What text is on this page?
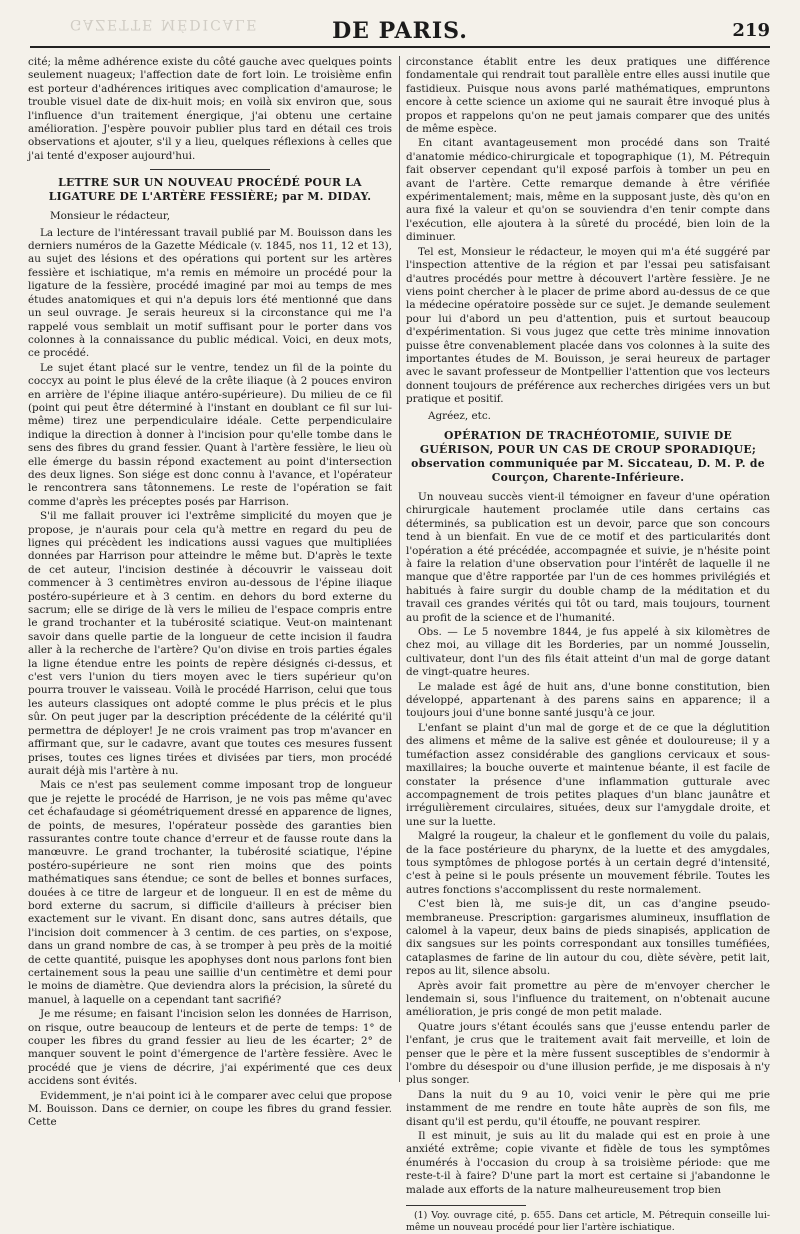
GAZETTE MÉDICALE	DE PARIS.	219

cité; la même adhérence existe du côté gauche avec quelques points seulement nuageux; l'affection date de fort loin. Le troisième enfin est porteur d'adhérences iritiques avec complication d'amaurose; le trouble visuel date de dix-huit mois; en voilà six environ que, sous l'influence d'un traitement énergique, j'ai obtenu une certaine amélioration. J'espère pouvoir publier plus tard en détail ces trois observations et ajouter, s'il y a lieu, quelques réflexions à celles que j'ai tenté d'exposer aujourd'hui.

LETTRE SUR UN NOUVEAU PROCÉDÉ POUR LA LIGATURE DE L'ARTÈRE FESSIÈRE; par M. DIDAY.

Monsieur le rédacteur,

La lecture de l'intéressant travail publié par M. Bouisson dans les derniers numéros de la Gazette Médicale (v. 1845, nos 11, 12 et 13), au sujet des lésions et des opérations qui portent sur les artères fessière et ischiatique, m'a remis en mémoire un procédé pour la ligature de la fessière, procédé imaginé par moi au temps de mes études anatomiques et qui n'a depuis lors été mentionné que dans un seul ouvrage. Je serais heureux si la circonstance qui me l'a rappelé vous semblait un motif suffisant pour le porter dans vos colonnes à la connaissance du public médical. Voici, en deux mots, ce procédé.

Le sujet étant placé sur le ventre, tendez un fil de la pointe du coccyx au point le plus élevé de la crête iliaque (à 2 pouces environ en arrière de l'épine iliaque antéro-supérieure). Du milieu de ce fil (point qui peut être déterminé à l'instant en doublant ce fil sur lui-même) tirez une perpendiculaire idéale. Cette perpendiculaire indique la direction à donner à l'incision pour qu'elle tombe dans le sens des fibres du grand fessier. Quant à l'artère fessière, le lieu où elle émerge du bassin répond exactement au point d'intersection des deux lignes. Son siége est donc connu à l'avance, et l'opérateur le rencontrera sans tâtonnemens. Le reste de l'opération se fait comme d'après les préceptes posés par Harrison.

S'il me fallait prouver ici l'extrême simplicité du moyen que je propose, je n'aurais pour cela qu'à mettre en regard du peu de lignes qui précèdent les indications aussi vagues que multipliées données par Harrison pour atteindre le même but. D'après le texte de cet auteur, l'incision destinée à découvrir le vaisseau doit commencer à 3 centimètres environ au-dessous de l'épine iliaque postéro-supérieure et à 3 centim. en dehors du bord externe du sacrum; elle se dirige de là vers le milieu de l'espace compris entre le grand trochanter et la tubérosité sciatique. Veut-on maintenant savoir dans quelle partie de la longueur de cette incision il faudra aller à la recherche de l'artère? Qu'on divise en trois parties égales la ligne étendue entre les points de repère désignés ci-dessus, et c'est vers l'union du tiers moyen avec le tiers supérieur qu'on pourra trouver le vaisseau. Voilà le procédé Harrison, celui que tous les auteurs classiques ont adopté comme le plus précis et le plus sûr. On peut juger par la description précédente de la célérité qu'il permettra de déployer! Je ne crois vraiment pas trop m'avancer en affirmant que, sur le cadavre, avant que toutes ces mesures fussent prises, toutes ces lignes tirées et divisées par tiers, mon procédé aurait déjà mis l'artère à nu.

Mais ce n'est pas seulement comme imposant trop de longueur que je rejette le procédé de Harrison, je ne vois pas même qu'avec cet échafaudage si géométriquement dressé en apparence de lignes, de points, de mesures, l'opérateur possède des garanties bien rassurantes contre toute chance d'erreur et de fausse route dans la manœuvre. Le grand trochanter, la tubérosité sciatique, l'épine postéro-supérieure ne sont rien moins que des points mathématiques sans étendue; ce sont de belles et bonnes surfaces, douées à ce titre de largeur et de longueur. Il en est de même du bord externe du sacrum, si difficile d'ailleurs à préciser bien exactement sur le vivant. En disant donc, sans autres détails, que l'incision doit commencer à 3 centim. de ces parties, on s'expose, dans un grand nombre de cas, à se tromper à peu près de la moitié de cette quantité, puisque les apophyses dont nous parlons font bien certainement sous la peau une saillie d'un centimètre et demi pour le moins de diamètre. Que deviendra alors la précision, la sûreté du manuel, à laquelle on a cependant tant sacrifié?

Je me résume; en faisant l'incision selon les données de Harrison, on risque, outre beaucoup de lenteurs et de perte de temps: 1° de couper les fibres du grand fessier au lieu de les écarter; 2° de manquer souvent le point d'émergence de l'artère fessière. Avec le procédé que je viens de décrire, j'ai expérimenté que ces deux accidens sont évités.

Evidemment, je n'ai point ici à le comparer avec celui que propose M. Bouisson. Dans ce dernier, on coupe les fibres du grand fessier. Cette

circonstance établit entre les deux pratiques une différence fondamentale qui rendrait tout parallèle entre elles aussi inutile que fastidieux. Puisque nous avons parlé mathématiques, empruntons encore à cette science un axiome qui ne saurait être invoqué plus à propos et rappelons qu'on ne peut jamais comparer que des unités de même espèce.

En citant avantageusement mon procédé dans son Traité d'anatomie médico-chirurgicale et topographique (1), M. Pétrequin fait observer cependant qu'il exposé parfois à tomber un peu en avant de l'artère. Cette remarque demande à être vérifiée expérimentalement; mais, même en la supposant juste, dès qu'on en aura fixé la valeur et qu'on se souviendra d'en tenir compte dans l'exécution, elle ajoutera à la sûreté du procédé, bien loin de la diminuer.

Tel est, Monsieur le rédacteur, le moyen qui m'a été suggéré par l'inspection attentive de la région et par l'essai peu satisfaisant d'autres procédés pour mettre à découvert l'artère fessière. Je ne viens point chercher à le placer de prime abord au-dessus de ce que la médecine opératoire possède sur ce sujet. Je demande seulement pour lui d'abord un peu d'attention, puis et surtout beaucoup d'expérimentation. Si vous jugez que cette très minime innovation puisse être convenablement placée dans vos colonnes à la suite des importantes études de M. Bouisson, je serai heureux de partager avec le savant professeur de Montpellier l'attention que vos lecteurs donnent toujours de préférence aux recherches dirigées vers un but pratique et positif.

Agréez, etc.

OPÉRATION DE TRACHÉOTOMIE, SUIVIE DE GUÉRISON, POUR UN CAS DE CROUP SPORADIQUE; observation communiquée par M. Siccateau, D. M. P. de Courçon, Charente-Inférieure.

Un nouveau succès vient-il témoigner en faveur d'une opération chirurgicale hautement proclamée utile dans certains cas déterminés, sa publication est un devoir, parce que son concours tend à un bienfait. En vue de ce motif et des particularités dont l'opération a été précédée, accompagnée et suivie, je n'hésite point à faire la relation d'une observation pour l'intérêt de laquelle il ne manque que d'être rapportée par l'un de ces hommes privilégiés et habitués à faire surgir du double champ de la méditation et du travail ces grandes vérités qui tôt ou tard, mais toujours, tournent au profit de la science et de l'humanité.

Obs. — Le 5 novembre 1844, je fus appelé à six kilomètres de chez moi, au village dit les Borderies, par un nommé Jousselin, cultivateur, dont l'un des fils était atteint d'un mal de gorge datant de vingt-quatre heures.

Le malade est âgé de huit ans, d'une bonne constitution, bien développé, appartenant à des parens sains en apparence; il a toujours joui d'une bonne santé jusqu'à ce jour.

L'enfant se plaint d'un mal de gorge et de ce que la déglutition des alimens et même de la salive est gênée et douloureuse; il y a tuméfaction assez considérable des ganglions cervicaux et sous-maxillaires; la bouche ouverte et maintenue béante, il est facile de constater la présence d'une inflammation gutturale avec accompagnement de trois petites plaques d'un blanc jaunâtre et irrégulièrement circulaires, situées, deux sur l'amygdale droite, et une sur la luette.

Malgré la rougeur, la chaleur et le gonflement du voile du palais, de la face postérieure du pharynx, de la luette et des amygdales, tous symptômes de phlogose portés à un certain degré d'intensité, c'est à peine si le pouls présente un mouvement fébrile. Toutes les autres fonctions s'accomplissent du reste normalement.

C'est bien là, me suis-je dit, un cas d'angine pseudo-membraneuse. Prescription: gargarismes alumineux, insufflation de calomel à la vapeur, deux bains de pieds sinapisés, application de dix sangsues sur les points correspondant aux tonsilles tuméfiées, cataplasmes de farine de lin autour du cou, diète sévère, petit lait, repos au lit, silence absolu.

Après avoir fait promettre au père de m'envoyer chercher le lendemain si, sous l'influence du traitement, on n'obtenait aucune amélioration, je pris congé de mon petit malade.

Quatre jours s'étant écoulés sans que j'eusse entendu parler de l'enfant, je crus que le traitement avait fait merveille, et loin de penser que le père et la mère fussent susceptibles de s'endormir à l'ombre du désespoir ou d'une illusion perfide, je me disposais à n'y plus songer.

Dans la nuit du 9 au 10, voici venir le père qui me prie instamment de me rendre en toute hâte auprès de son fils, me disant qu'il est perdu, qu'il étouffe, ne pouvant respirer.

Il est minuit, je suis au lit du malade qui est en proie à une anxiété extrême; copie vivante et fidèle de tous les symptômes énumérés à l'occasion du croup à sa troisième période: que me reste-t-il à faire? D'une part la mort est certaine si j'abandonne le malade aux efforts de la nature malheureusement trop bien

(1) Voy. ouvrage cité, p. 655. Dans cet article, M. Pétrequin conseille lui-même un nouveau procédé pour lier l'artère ischiatique.
